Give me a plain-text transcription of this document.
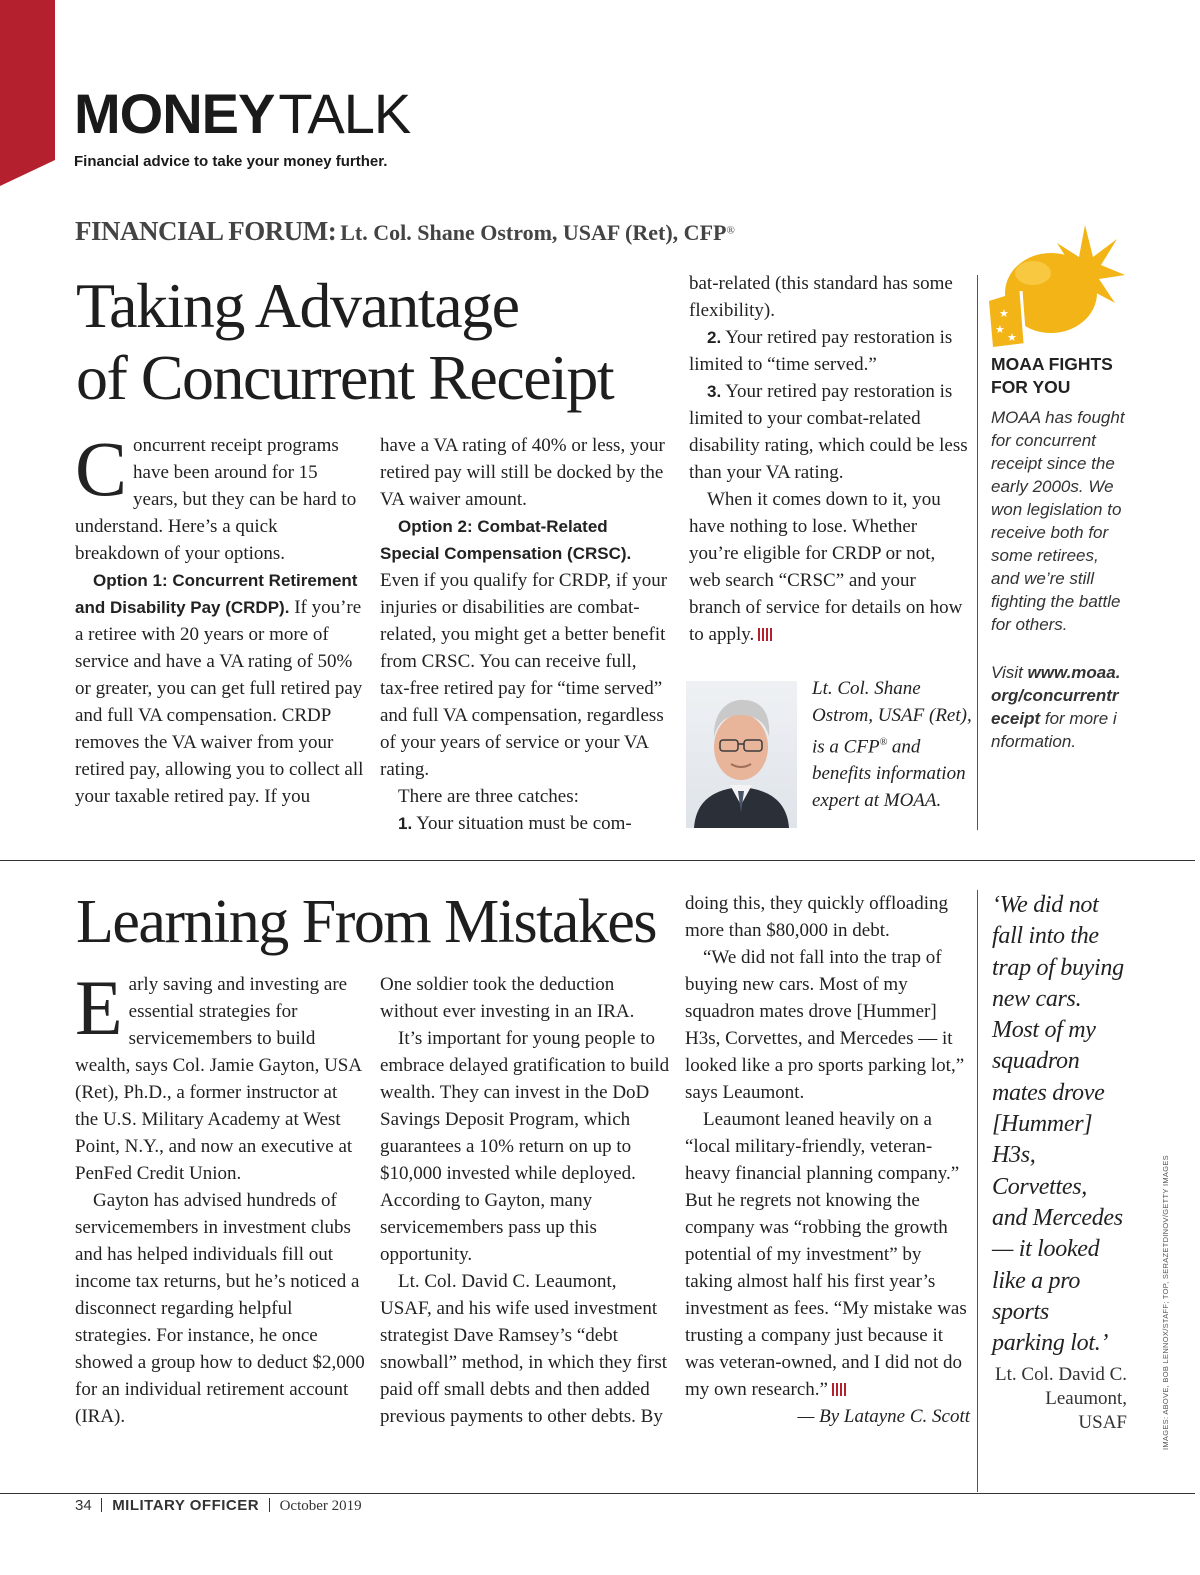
MONEY TALK
Financial advice to take your money further.
FINANCIAL FORUM: Lt. Col. Shane Ostrom, USAF (Ret), CFP®
Taking Advantage
of Concurrent Receipt

Concurrent receipt programs have been around for 15 years, but they can be hard to understand. Here’s a quick breakdown of your options.

Option 1: Concurrent Retirement and Disability Pay (CRDP). If you’re a retiree with 20 years or more of service and have a VA rating of 50% or greater, you can get full retired pay and full VA compensation. CRDP removes the VA waiver from your retired pay, allowing you to collect all your taxable retired pay. If you

have a VA rating of 40% or less, your retired pay will still be docked by the VA waiver amount.

Option 2: Combat-Related Special Compensation (CRSC). Even if you qualify for CRDP, if your injuries or disabilities are combat-related, you might get a better benefit from CRSC. You can receive full, tax-free retired pay for “time served” and full VA compensation, regardless of your years of service or your VA rating.

There are three catches:

1. Your situation must be com-

bat-related (this standard has some flexibility).

2. Your retired pay restoration is limited to “time served.”

3. Your retired pay restoration is limited to your combat-related disability rating, which could be less than your VA rating.

When it comes down to it, you have nothing to lose. Whether you’re eligible for CRDP or not, web search “CRSC” and your branch of service for details on how to apply.

Lt. Col. Shane Ostrom, USAF (Ret), is a CFP® and benefits information expert at MOAA.
★
★
★
MOAA FIGHTS FOR YOU
MOAA has fought for concurrent receipt since the early 2000s. We won legislation to receive both for some retirees, and we’re still fighting the battle for others.
Visit www.moaa.org/concurrentreceipt for more information.
Learning From Mistakes

Early saving and investing are essential strategies for servicemembers to build wealth, says Col. Jamie Gayton, USA (Ret), Ph.D., a former instructor at the U.S. Military Academy at West Point, N.Y., and now an executive at PenFed Credit Union.

Gayton has advised hundreds of servicemembers in investment clubs and has helped individuals fill out income tax returns, but he’s noticed a disconnect regarding helpful strategies. For instance, he once showed a group how to deduct $2,000 for an individual retirement account (IRA).

One soldier took the deduction without ever investing in an IRA.

It’s important for young people to embrace delayed gratification to build wealth. They can invest in the DoD Savings Deposit Program, which guarantees a 10% return on up to $10,000 invested while deployed. According to Gayton, many servicemembers pass up this opportunity.

Lt. Col. David C. Leaumont, USAF, and his wife used investment strategist Dave Ramsey’s “debt snowball” method, in which they first paid off small debts and then added previous payments to other debts. By

doing this, they quickly offloading more than $80,000 in debt.

“We did not fall into the trap of buying new cars. Most of my squadron mates drove [Hummer] H3s, Corvettes, and Mercedes — it looked like a pro sports parking lot,” says Leaumont.

Leaumont leaned heavily on a “local military-friendly, veteran-heavy financial planning company.” But he regrets not knowing the company was “robbing the growth potential of my investment” by taking almost half his first year’s investment as fees. “My mistake was trusting a company just because it was veteran-owned, and I did not do my own research.”

— By Latayne C. Scott

‘We did not fall into the trap of buying new cars. Most of my squadron mates drove [Hummer] H3s, Corvettes, and Mercedes — it looked like a pro sports parking lot.’
Lt. Col. David C. Leaumont, USAF	IMAGES: ABOVE, BOB LENNOX/STAFF; TOP, SERAZETDINOV/GETTY IMAGES
34 MILITARY OFFICER October 2019
